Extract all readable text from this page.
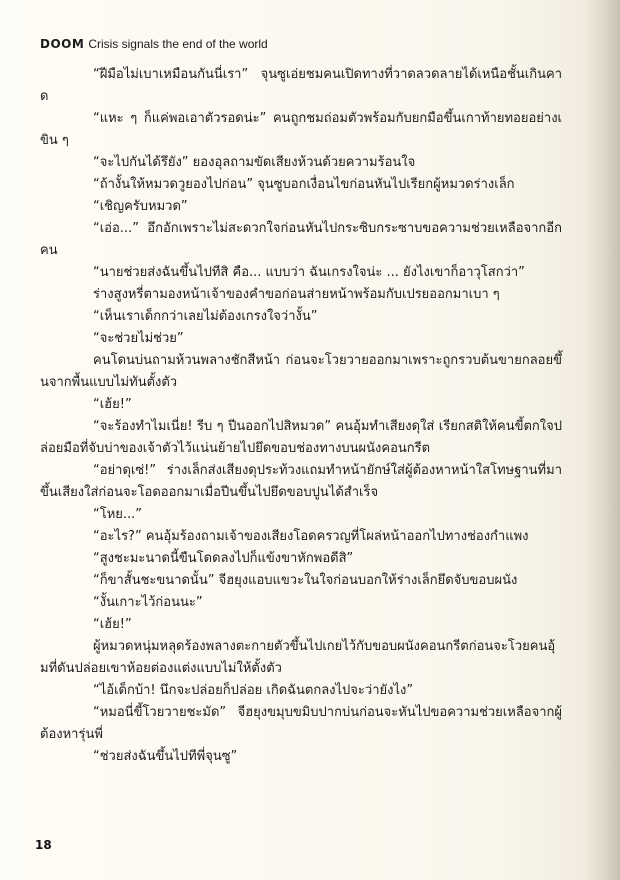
DOOM Crisis signals the end of the world

“ฝีมือไม่เบาเหมือนกันนี่เรา” จุนซูเอ่ยชมคนเปิดทางที่วาดลวดลายได้เหนือชั้นเกินคาด

“แหะ ๆ ก็แค่พอเอาตัวรอดน่ะ” คนถูกชมถ่อมตัวพร้อมกับยกมือขึ้นเกาท้ายทอยอย่างเขิน ๆ

“จะไปกันได้รึยัง” ยองอุลถามขัดเสียงห้วนด้วยความร้อนใจ

“ถ้างั้นให้หมวดวูยองไปก่อน” จุนซูบอกเงื่อนไขก่อนหันไปเรียกผู้หมวดร่างเล็ก

“เชิญครับหมวด”

“เอ่อ...” อึกอักเพราะไม่สะดวกใจก่อนหันไปกระซิบกระซาบขอความช่วยเหลือจากอีกคน

“นายช่วยส่งฉันขึ้นไปทีสิ คือ... แบบว่า ฉันเกรงใจน่ะ ... ยังไงเขาก็อาวุโสกว่า”

ร่างสูงหรี่ตามองหน้าเจ้าของคำขอก่อนส่ายหน้าพร้อมกับเปรยออกมาเบา ๆ

“เห็นเราเด็กกว่าเลยไม่ต้องเกรงใจว่างั้น”

“จะช่วยไม่ช่วย”

คนโดนบ่นถามห้วนพลางชักสีหน้า ก่อนจะโวยวายออกมาเพราะถูกรวบต้นขายกลอยขึ้นจากพื้นแบบไม่ทันตั้งตัว

“เฮ้ย!”

“จะร้องทำไมเนี่ย! รีบ ๆ ปีนออกไปสิหมวด” คนอุ้มทำเสียงดุใส่ เรียกสติให้คนขี้ตกใจปล่อยมือที่จับบ่าของเจ้าตัวไว้แน่นย้ายไปยึดขอบช่องทางบนผนังคอนกรีต

“อย่าดุเซ่!” ร่างเล็กส่งเสียงดุประท้วงแถมทำหน้ายักษ์ใส่ผู้ต้องหาหน้าใสโทษฐานที่มาขึ้นเสียงใส่ก่อนจะโอดออกมาเมื่อปีนขึ้นไปยึดขอบปูนได้สำเร็จ

“โหย...”

“อะไร?” คนอุ้มร้องถามเจ้าของเสียงโอดครวญที่โผล่หน้าออกไปทางช่องกำแพง

“สูงชะมะนาดนี้ขืนโดดลงไปก็แข้งขาหักพอดีสิ”

“ก็ขาสั้นชะขนาดนั้น” จีฮยุงแอบแขวะในใจก่อนบอกให้ร่างเล็กยึดจับขอบผนัง

“งั้นเกาะไว้ก่อนนะ”

“เฮ้ย!”

ผู้หมวดหนุ่มหลุดร้องพลางตะกายตัวขึ้นไปเกยไว้กับขอบผนังคอนกรีตก่อนจะโวยคนอุ้มที่ดันปล่อยเขาห้อยต่องแต่งแบบไม่ให้ตั้งตัว

“ไอ้เด็กบ้า! นึกจะปล่อยก็ปล่อย เกิดฉันตกลงไปจะว่ายังไง”

“หมอนี่ขี้โวยวายชะมัด” จีฮยุงขมุบขมิบปากบ่นก่อนจะหันไปขอความช่วยเหลือจากผู้ต้องหารุ่นพี่

“ช่วยส่งฉันขึ้นไปทีพี่จุนซู”

18
